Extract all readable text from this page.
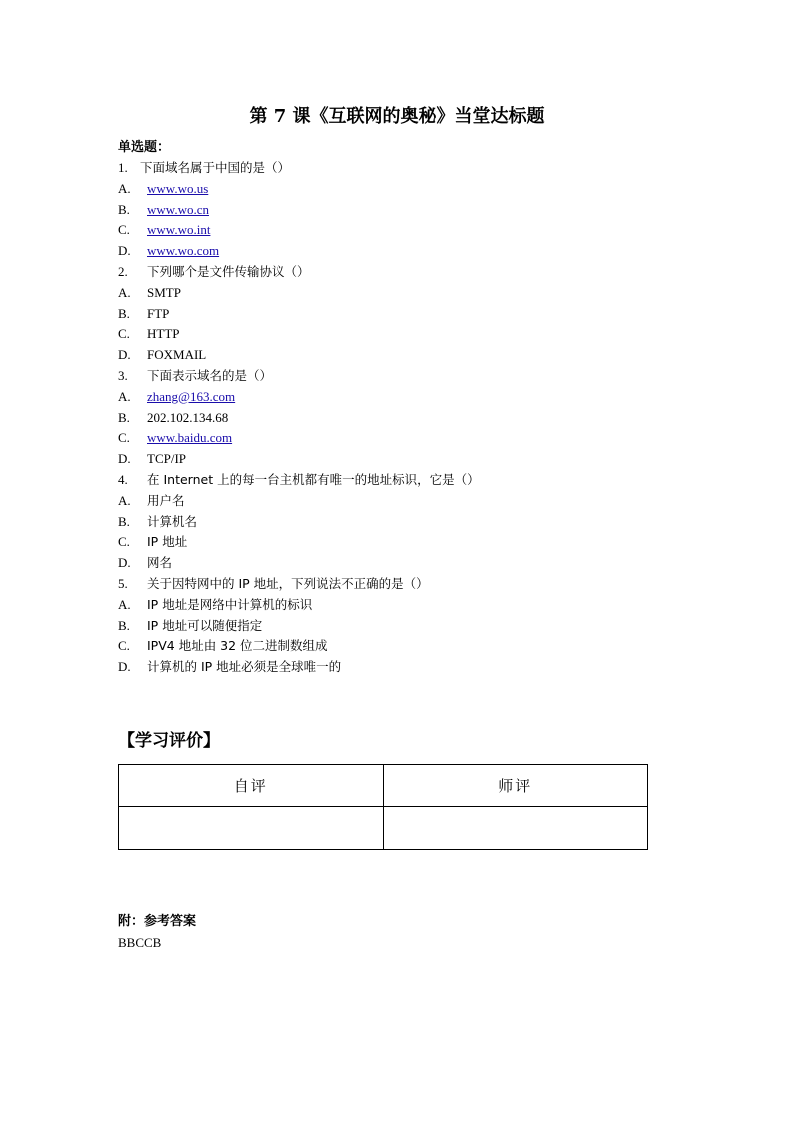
第 7 课《互联网的奥秘》当堂达标题
单选题：
1. 下面域名属于中国的是（）
A.	www.wo.us
B.	www.wo.cn
C.	www.wo.int
D.	www.wo.com
2.	下列哪个是文件传输协议（）
A.	SMTP
B.	FTP
C.	HTTP
D.	FOXMAIL
3.	下面表示域名的是（）
A.	zhang@163.com
B.	202.102.134.68
C.	www.baidu.com
D.	TCP/IP
4.	在 Internet 上的每一台主机都有唯一的地址标识，它是（）
A.	用户名
B.	计算机名
C.	IP 地址
D.	网名
5.	关于因特网中的 IP 地址，下列说法不正确的是（）
A.	IP 地址是网络中计算机的标识
B.	IP 地址可以随便指定
C.	IPV4 地址由 32 位二进制数组成
D.	计算机的 IP 地址必须是全球唯一的
【学习评价】
自评	师评

附：参考答案
BBCCB
